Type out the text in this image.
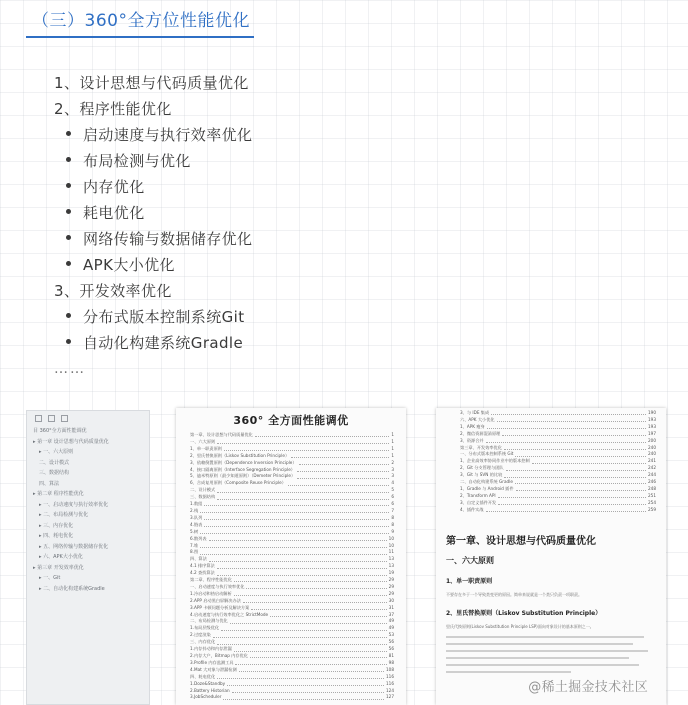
（三）360°全方位性能优化
1、设计思想与代码质量优化
2、程序性能优化
启动速度与执行效率优化
布局检测与优化
内存优化
耗电优化
网络传输与数据储存优化
APK大小优化
3、开发效率优化
分布式版本控制系统Git
自动化构建系统Gradle
……
目 360°全方面性能调优
▸ 第一章 设计思想与代码质量优化
▸ 一、六大原则
二、设计模式
三、数据结构
四、算法
▸ 第二章 程序性能优化
▸ 一、启动速度与执行效率优化
▸ 二、布局检测与优化
▸ 三、内存优化
▸ 四、耗电优化
▸ 五、网络传输与数据储存优化
▸ 六、APK大小优化
▸ 第三章 开发效率优化
▸ 一、Git
▸ 二、自动化构建系统Gradle
360° 全方面性能调优
第一章、设计思想与代码质量优化	1
一、六大原则	1
1、单一职责原则	1
2、里氏替换原则（Liskov Substitution Principle）	1
3、依赖倒置原则（Dependence Inversion Principle）	2
4、接口隔离原则（Interface Segregation Principle）	3
5、迪米特原则（最少知道原则）（Demeter Principle）	3
6、合成复用原则（Composite Reuse Principle）	4
二、设计模式	5
三、数据结构	6
1.数组	6
2.栈	7
3.队列	8
4.链表	8
5.树	9
6.散列表	10
7.堆	10
8.图	11
四、算法	13
4.1 排序算法	13
4.2 查找算法	19
第二章、程序性能优化	29
一、启动速度与执行效率优化	29
1.冷启动和热启动解析	29
2.APP 启动黑白屏解决办法	30
3.APP 卡顿问题分析及解决方案	31
4.启动速度与执行效率优化之 StrictMode	37
二、布局检测与优化	49
1.布局层级优化	49
2.过度渲染	53
三、内存优化	56
1.内存抖动和内存泄漏	56
2.内存大户，Bitmap 内存优化	81
3.Profile 内存监测工具	98
4.Mat 大对象与泄漏检测	108
四、耗电优化	116
1.Doze&Standby	116
2.Battery Historian	124
3.JobScheduler	127
3、与 IDE 集成	190
六、APK 大小优化	193
1、APK 瘦身	193
2、微信资源混淆原理	197
3、资源合并	200
第三章、开发效率优化	240
一、分布式版本控制系统 Git	240
1、企业高效率协同作业中的版本控制	241
2、Git 分支管理与团队	242
3、Git 与 SVN 的比较	244
二、自动化构建系统 Gradle	246
1、Gradle 与 Android 插件	248
2、Transform API	251
3、自定义插件开发	254
4、插件实战	259
第一章、设计思想与代码质量优化
一、六大原则
1、单一职责原则
不要存在多于一个导致类变更的原因。简单来说就是一个类只负责一项职责。
2、里氏替换原则（Liskov Substitution Principle）
里氏代换原则(Liskov Substitution Principle LSP)面向对象设计的基本原则之一。
@稀土掘金技术社区
